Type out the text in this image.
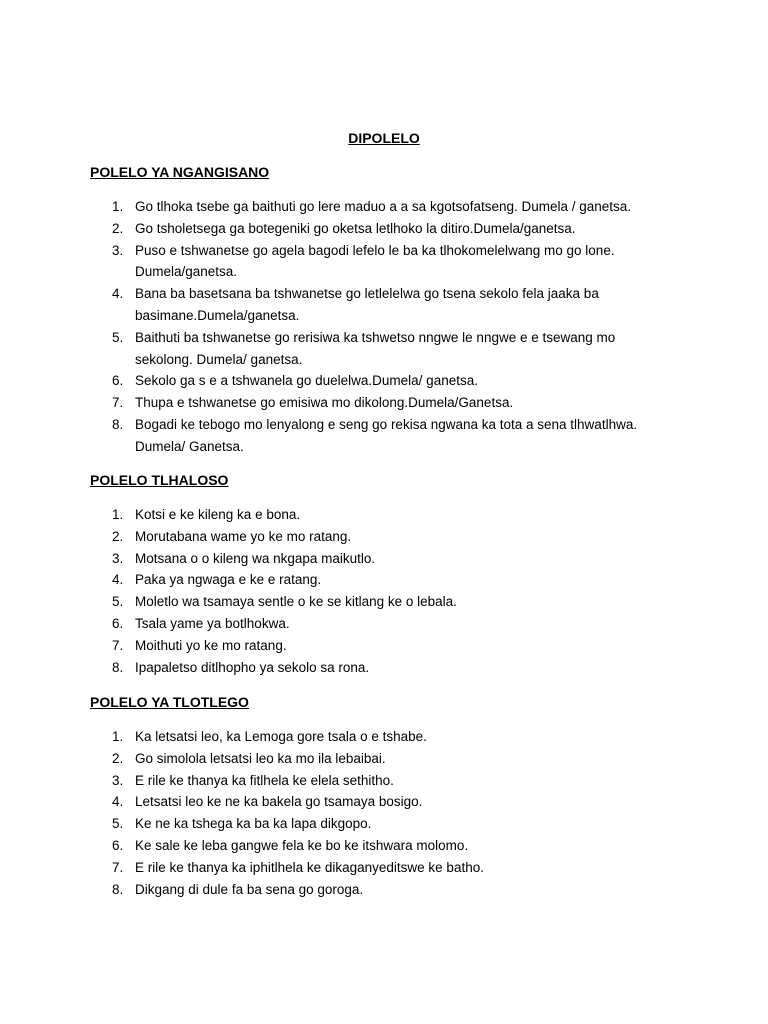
DIPOLELO
POLELO YA NGANGISANO
1. Go tlhoka tsebe ga baithuti go lere maduo a a sa kgotsofatseng. Dumela / ganetsa.
2. Go tsholetsega ga botegeniki go oketsa letlhoko la ditiro.Dumela/ganetsa.
3. Puso e tshwanetse go agela bagodi lefelo le ba ka tlhokomelelwang mo go lone. Dumela/ganetsa.
4. Bana ba basetsana ba tshwanetse go letlelelwa go tsena sekolo fela jaaka ba basimane.Dumela/ganetsa.
5. Baithuti ba tshwanetse go rerisiwa ka tshwetso nngwe le nngwe e e tsewang mo sekolong. Dumela/ ganetsa.
6. Sekolo ga s e a tshwanela go duelelwa.Dumela/ ganetsa.
7. Thupa e tshwanetse go emisiwa mo dikolong.Dumela/Ganetsa.
8. Bogadi ke tebogo mo lenyalong e seng go rekisa ngwana ka tota a sena tlhwatlhwa. Dumela/ Ganetsa.
POLELO TLHALOSO
1. Kotsi e ke kileng ka e bona.
2. Morutabana wame yo ke mo ratang.
3. Motsana o o kileng wa nkgapa maikutlo.
4. Paka ya ngwaga e ke e ratang.
5. Moletlo wa tsamaya sentle o ke se kitlang ke o lebala.
6. Tsala yame ya botlhokwa.
7. Moithuti yo ke mo ratang.
8. Ipapaletso ditlhopho ya sekolo sa rona.
POLELO YA TLOTLEGO
1. Ka letsatsi leo, ka Lemoga gore tsala o e tshabe.
2. Go simolola letsatsi leo ka mo ila lebaibai.
3. E rile ke thanya ka fitlhela ke elela sethitho.
4. Letsatsi leo ke ne ka bakela go tsamaya bosigo.
5. Ke ne ka tshega ka ba ka lapa dikgopo.
6. Ke sale ke leba gangwe fela ke bo ke itshwara molomo.
7. E rile ke thanya ka iphitlhela ke dikaganyeditswe ke batho.
8. Dikgang di dule fa ba sena go goroga.
